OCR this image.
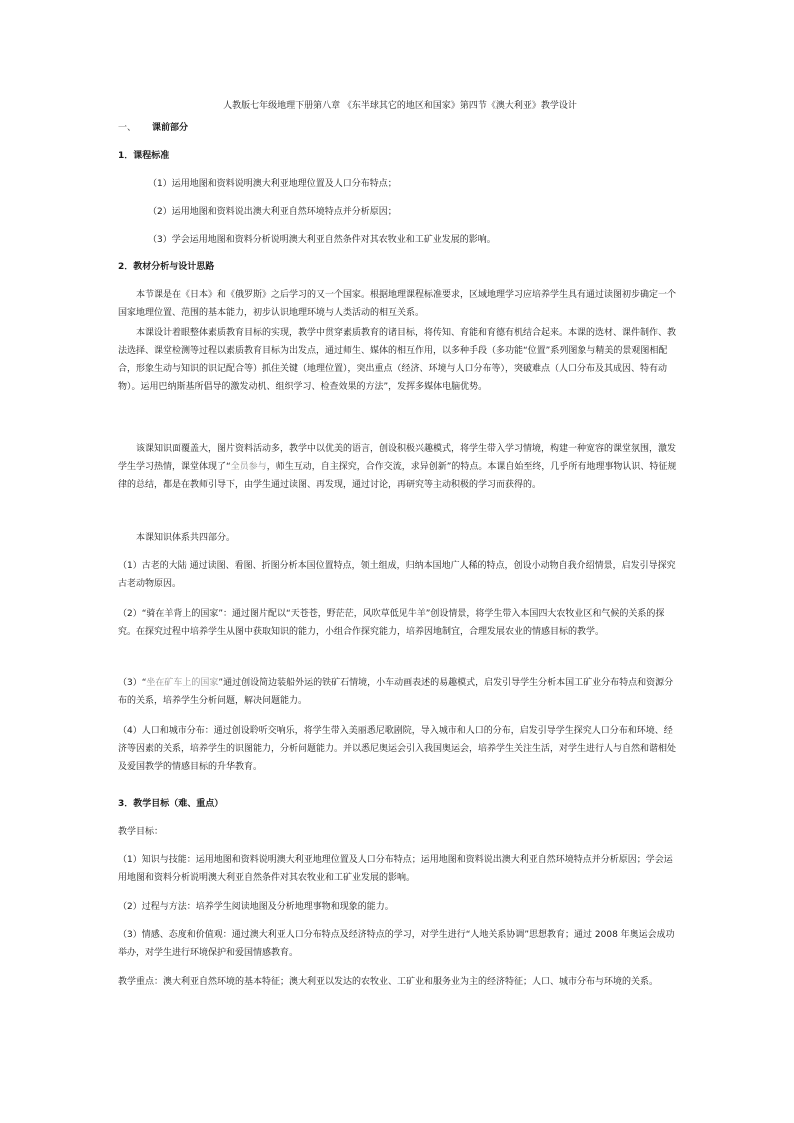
人教版七年级地理下册第八章 《东半球其它的地区和国家》第四节《澳大利亚》教学设计

一、 课前部分

1．课程标准

（1）运用地图和资料说明澳大利亚地理位置及人口分布特点；

（2）运用地图和资料说出澳大利亚自然环境特点并分析原因；

（3）学会运用地图和资料分析说明澳大利亚自然条件对其农牧业和工矿业发展的影响。

2．教材分析与设计思路

本节课是在《日本》和《俄罗斯》之后学习的又一个国家。根据地理课程标准要求，区域地理学习应培养学生具有通过读图初步确定一个国家地理位置、范围的基本能力，初步认识地理环境与人类活动的相互关系。

本课设计着眼整体素质教育目标的实现，教学中贯穿素质教育的诸目标，将传知、育能和育德有机结合起来。本课的选材、课件制作、教法选择、课堂检测等过程以素质教育目标为出发点，通过师生、媒体的相互作用，以多种手段（多功能“位置”系列图象与精美的景观图相配合，形象生动与知识的识记配合等）抓住关键（地理位置），突出重点（经济、环境与人口分布等），突破难点（人口分布及其成因、特有动物）。运用巴纳斯基所倡导的激发动机、组织学习、检查效果的方法”，发挥多媒体电脑优势。

该课知识面覆盖大，图片资料活动多，教学中以优美的语言，创设积极兴趣模式，将学生带入学习情境，构建一种宽容的课堂氛围，激发学生学习热情，课堂体现了“全员参与，师生互动，自主探究，合作交流，求异创新”的特点。本课自始至终，几乎所有地理事物认识、特征规律的总结，都是在教师引导下，由学生通过读图、再发现，通过讨论，再研究等主动积极的学习而获得的。

本课知识体系共四部分。

（1）古老的大陆 通过读图、看图、折图分析本国位置特点，领土组成，归纳本国地广人稀的特点，创设小动物自我介绍情景，启发引导探究古老动物原因。

（2）“骑在羊背上的国家”：通过图片配以“天苍苍，野茫茫，风吹草低见牛羊”创设情景，将学生带入本国四大农牧业区和气候的关系的探究。在探究过程中培养学生从图中获取知识的能力，小组合作探究能力，培养因地制宜，合理发展农业的情感目标的教学。

（3）“坐在矿车上的国家”通过创设简边装船外运的铁矿石情境，小车动画表述的易趣模式，启发引导学生分析本国工矿业分布特点和资源分布的关系，培养学生分析问题，解决问题能力。

（4）人口和城市分布：通过创设聆听交响乐，将学生带入美丽悉尼歌剧院，导入城市和人口的分布，启发引导学生探究人口分布和环境、经济等因素的关系，培养学生的识图能力，分析问题能力。并以悉尼奥运会引入我国奥运会，培养学生关注生活，对学生进行人与自然和谐相处及爱国教学的情感目标的升华教育。

3．教学目标（难、重点）

教学目标：

（1）知识与技能：运用地图和资料说明澳大利亚地理位置及人口分布特点；运用地图和资料说出澳大利亚自然环境特点并分析原因；学会运用地图和资料分析说明澳大利亚自然条件对其农牧业和工矿业发展的影响。

（2）过程与方法：培养学生阅读地图及分析地理事物和现象的能力。

（3）情感、态度和价值观：通过澳大利亚人口分布特点及经济特点的学习，对学生进行“人地关系协调”思想教育；通过 2008 年奥运会成功举办，对学生进行环境保护和爱国情感教育。

教学重点：澳大利亚自然环境的基本特征；澳大利亚以发达的农牧业、工矿业和服务业为主的经济特征；人口、城市分布与环境的关系。
